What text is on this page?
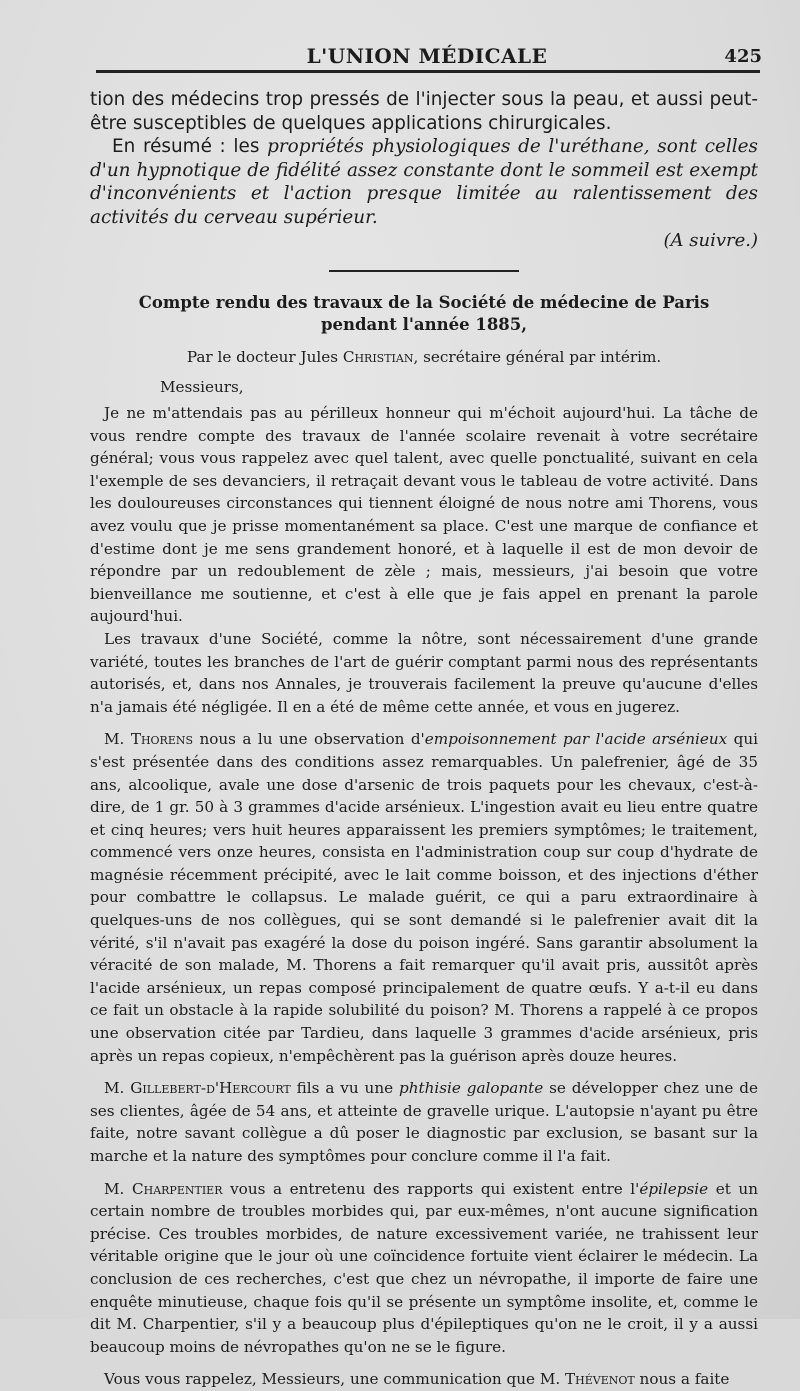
L'UNION MÉDICALE	425
tion des médecins trop pressés de l'injecter sous la peau, et aussi peut-être susceptibles de quelques applications chirurgicales.
En résumé : les propriétés physiologiques de l'uréthane, sont celles d'un hypnotique de fidélité assez constante dont le sommeil est exempt d'inconvénients et l'action presque limitée au ralentissement des activités du cerveau supérieur.
(A suivre.)
Compte rendu des travaux de la Société de médecine de Paris
pendant l'année 1885,
Par le docteur Jules Christian, secrétaire général par intérim.
Messieurs,

Je ne m'attendais pas au périlleux honneur qui m'échoit aujourd'hui. La tâche de vous rendre compte des travaux de l'année scolaire revenait à votre secrétaire général; vous vous rappelez avec quel talent, avec quelle ponctualité, suivant en cela l'exemple de ses devanciers, il retraçait devant vous le tableau de votre activité. Dans les douloureuses circonstances qui tiennent éloigné de nous notre ami Thorens, vous avez voulu que je prisse momentanément sa place. C'est une marque de confiance et d'estime dont je me sens grandement honoré, et à laquelle il est de mon devoir de répondre par un redoublement de zèle ; mais, messieurs, j'ai besoin que votre bienveillance me soutienne, et c'est à elle que je fais appel en prenant la parole aujourd'hui.

Les travaux d'une Société, comme la nôtre, sont nécessairement d'une grande variété, toutes les branches de l'art de guérir comptant parmi nous des représentants autorisés, et, dans nos Annales, je trouverais facilement la preuve qu'aucune d'elles n'a jamais été négligée. Il en a été de même cette année, et vous en jugerez.

M. Thorens nous a lu une observation d'empoisonnement par l'acide arsénieux qui s'est présentée dans des conditions assez remarquables. Un palefrenier, âgé de 35 ans, alcoolique, avale une dose d'arsenic de trois paquets pour les chevaux, c'est-à-dire, de 1 gr. 50 à 3 grammes d'acide arsénieux. L'ingestion avait eu lieu entre quatre et cinq heures; vers huit heures apparaissent les premiers symptômes; le traitement, commencé vers onze heures, consista en l'administration coup sur coup d'hydrate de magnésie récemment précipité, avec le lait comme boisson, et des injections d'éther pour combattre le collapsus. Le malade guérit, ce qui a paru extraordinaire à quelques-uns de nos collègues, qui se sont demandé si le palefrenier avait dit la vérité, s'il n'avait pas exagéré la dose du poison ingéré. Sans garantir absolument la véracité de son malade, M. Thorens a fait remarquer qu'il avait pris, aussitôt après l'acide arsénieux, un repas composé principalement de quatre œufs. Y a-t-il eu dans ce fait un obstacle à la rapide solubilité du poison? M. Thorens a rappelé à ce propos une observation citée par Tardieu, dans laquelle 3 grammes d'acide arsénieux, pris après un repas copieux, n'empêchèrent pas la guérison après douze heures.

M. Gillebert-d'Hercourt fils a vu une phthisie galopante se développer chez une de ses clientes, âgée de 54 ans, et atteinte de gravelle urique. L'autopsie n'ayant pu être faite, notre savant collègue a dû poser le diagnostic par exclusion, se basant sur la marche et la nature des symptômes pour conclure comme il l'a fait.

M. Charpentier vous a entretenu des rapports qui existent entre l'épilepsie et un certain nombre de troubles morbides qui, par eux-mêmes, n'ont aucune signification précise. Ces troubles morbides, de nature excessivement variée, ne trahissent leur véritable origine que le jour où une coïncidence fortuite vient éclairer le médecin. La conclusion de ces recherches, c'est que chez un névropathe, il importe de faire une enquête minutieuse, chaque fois qu'il se présente un symptôme insolite, et, comme le dit M. Charpentier, s'il y a beaucoup plus d'épileptiques qu'on ne le croit, il y a aussi beaucoup moins de névropathes qu'on ne se le figure.

Vous vous rappelez, Messieurs, une communication que M. Thévenot nous a faite
